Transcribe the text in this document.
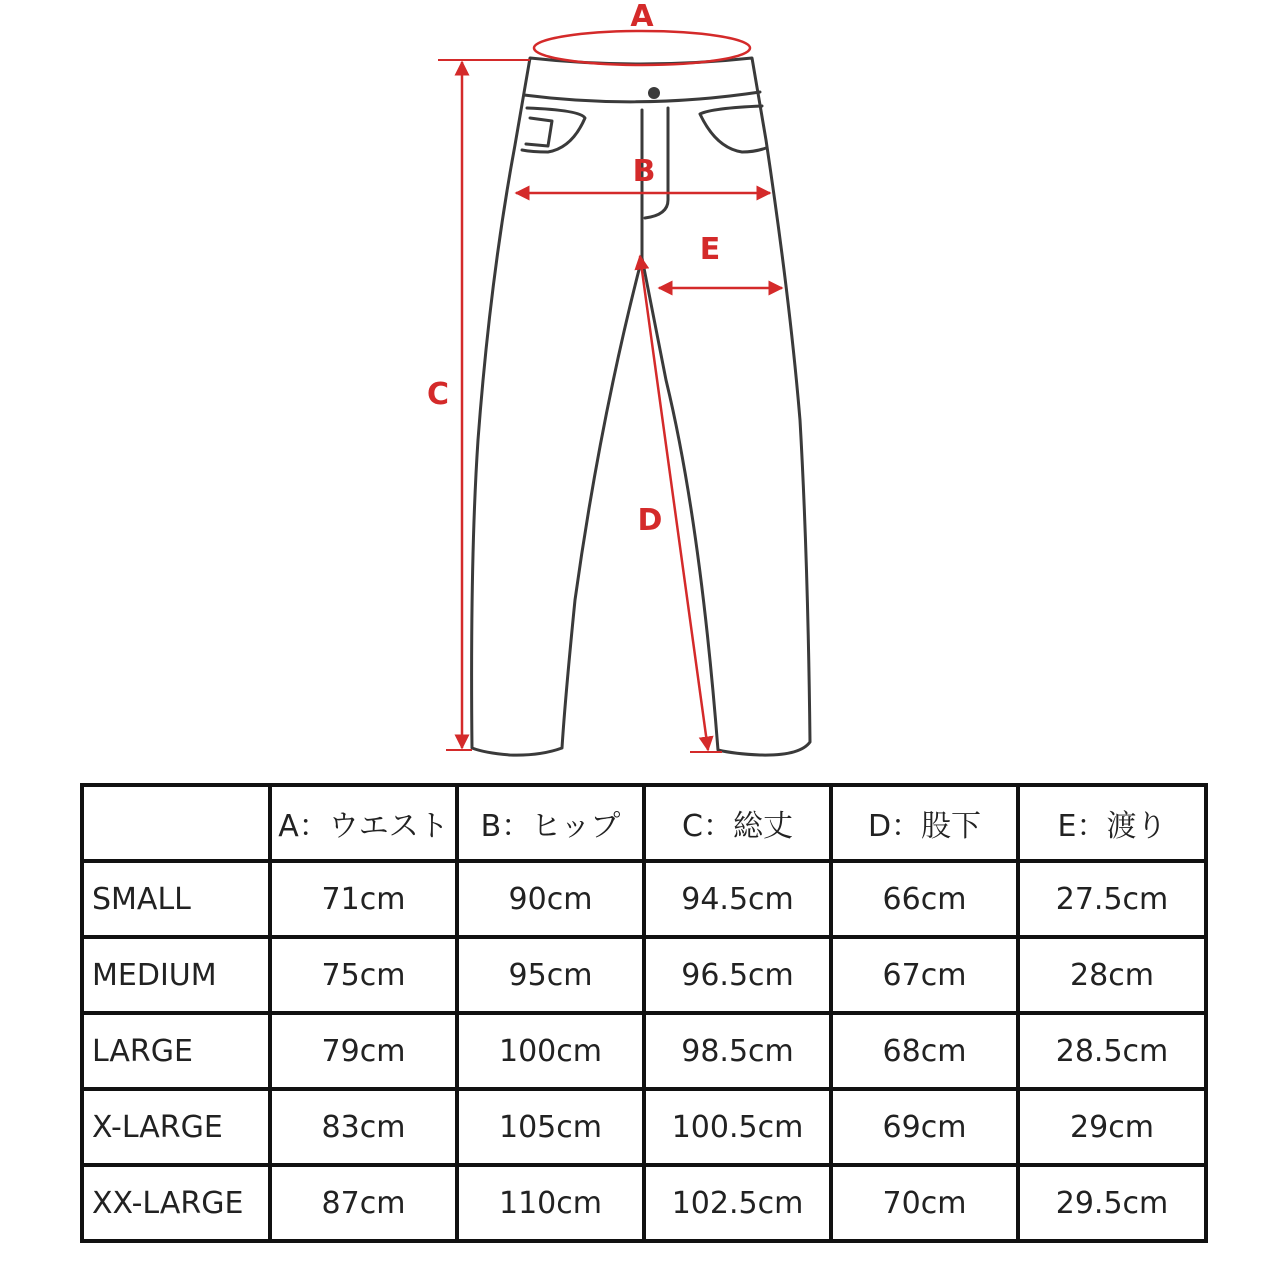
A
B
C
D
E
	A：ウエスト	B：ヒップ	C：総丈	D：股下	E：渡り
SMALL	71cm	90cm	94.5cm	66cm	27.5cm
MEDIUM	75cm	95cm	96.5cm	67cm	28cm
LARGE	79cm	100cm	98.5cm	68cm	28.5cm
X-LARGE	83cm	105cm	100.5cm	69cm	29cm
XX-LARGE	87cm	110cm	102.5cm	70cm	29.5cm
